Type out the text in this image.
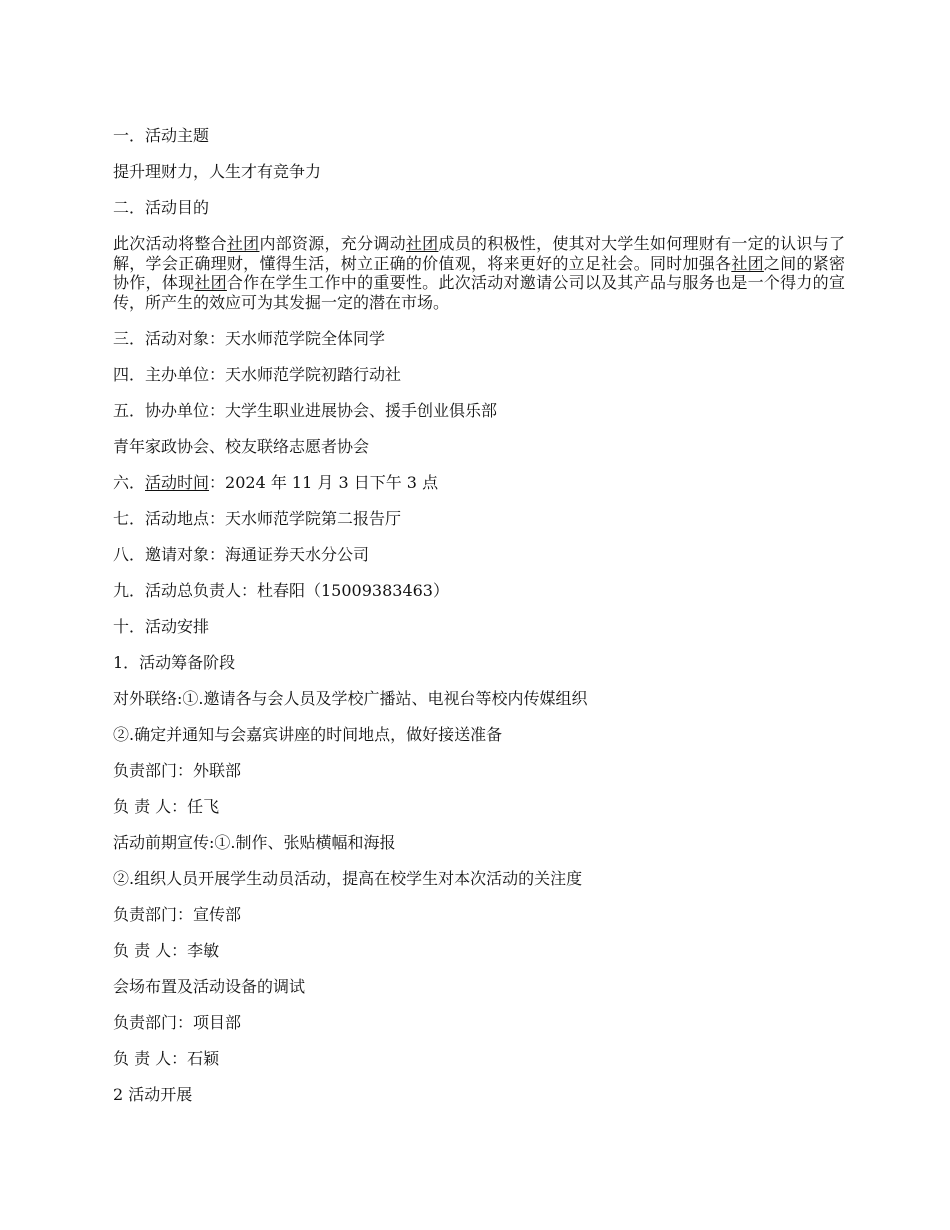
一．活动主题
提升理财力，人生才有竞争力
二．活动目的
此次活动将整合社团内部资源，充分调动社团成员的积极性，使其对大学生如何理财有一定的认识与了解，学会正确理财，懂得生活，树立正确的价值观，将来更好的立足社会。同时加强各社团之间的紧密协作，体现社团合作在学生工作中的重要性。此次活动对邀请公司以及其产品与服务也是一个得力的宣传，所产生的效应可为其发掘一定的潜在市场。
三．活动对象：天水师范学院全体同学
四．主办单位：天水师范学院初踏行动社
五．协办单位：大学生职业进展协会、援手创业俱乐部
青年家政协会、校友联络志愿者协会
六．活动时间：2024 年 11 月 3 日下午 3 点
七．活动地点：天水师范学院第二报告厅
八．邀请对象：海通证券天水分公司
九．活动总负责人：杜春阳（15009383463）
十．活动安排
1．活动筹备阶段
对外联络:①.邀请各与会人员及学校广播站、电视台等校内传媒组织
②.确定并通知与会嘉宾讲座的时间地点，做好接送准备
负责部门：外联部
负 责 人：任飞
活动前期宣传:①.制作、张贴横幅和海报
②.组织人员开展学生动员活动，提高在校学生对本次活动的关注度
负责部门：宣传部
负 责 人：李敏
会场布置及活动设备的调试
负责部门：项目部
负 责 人：石颖
2 活动开展
